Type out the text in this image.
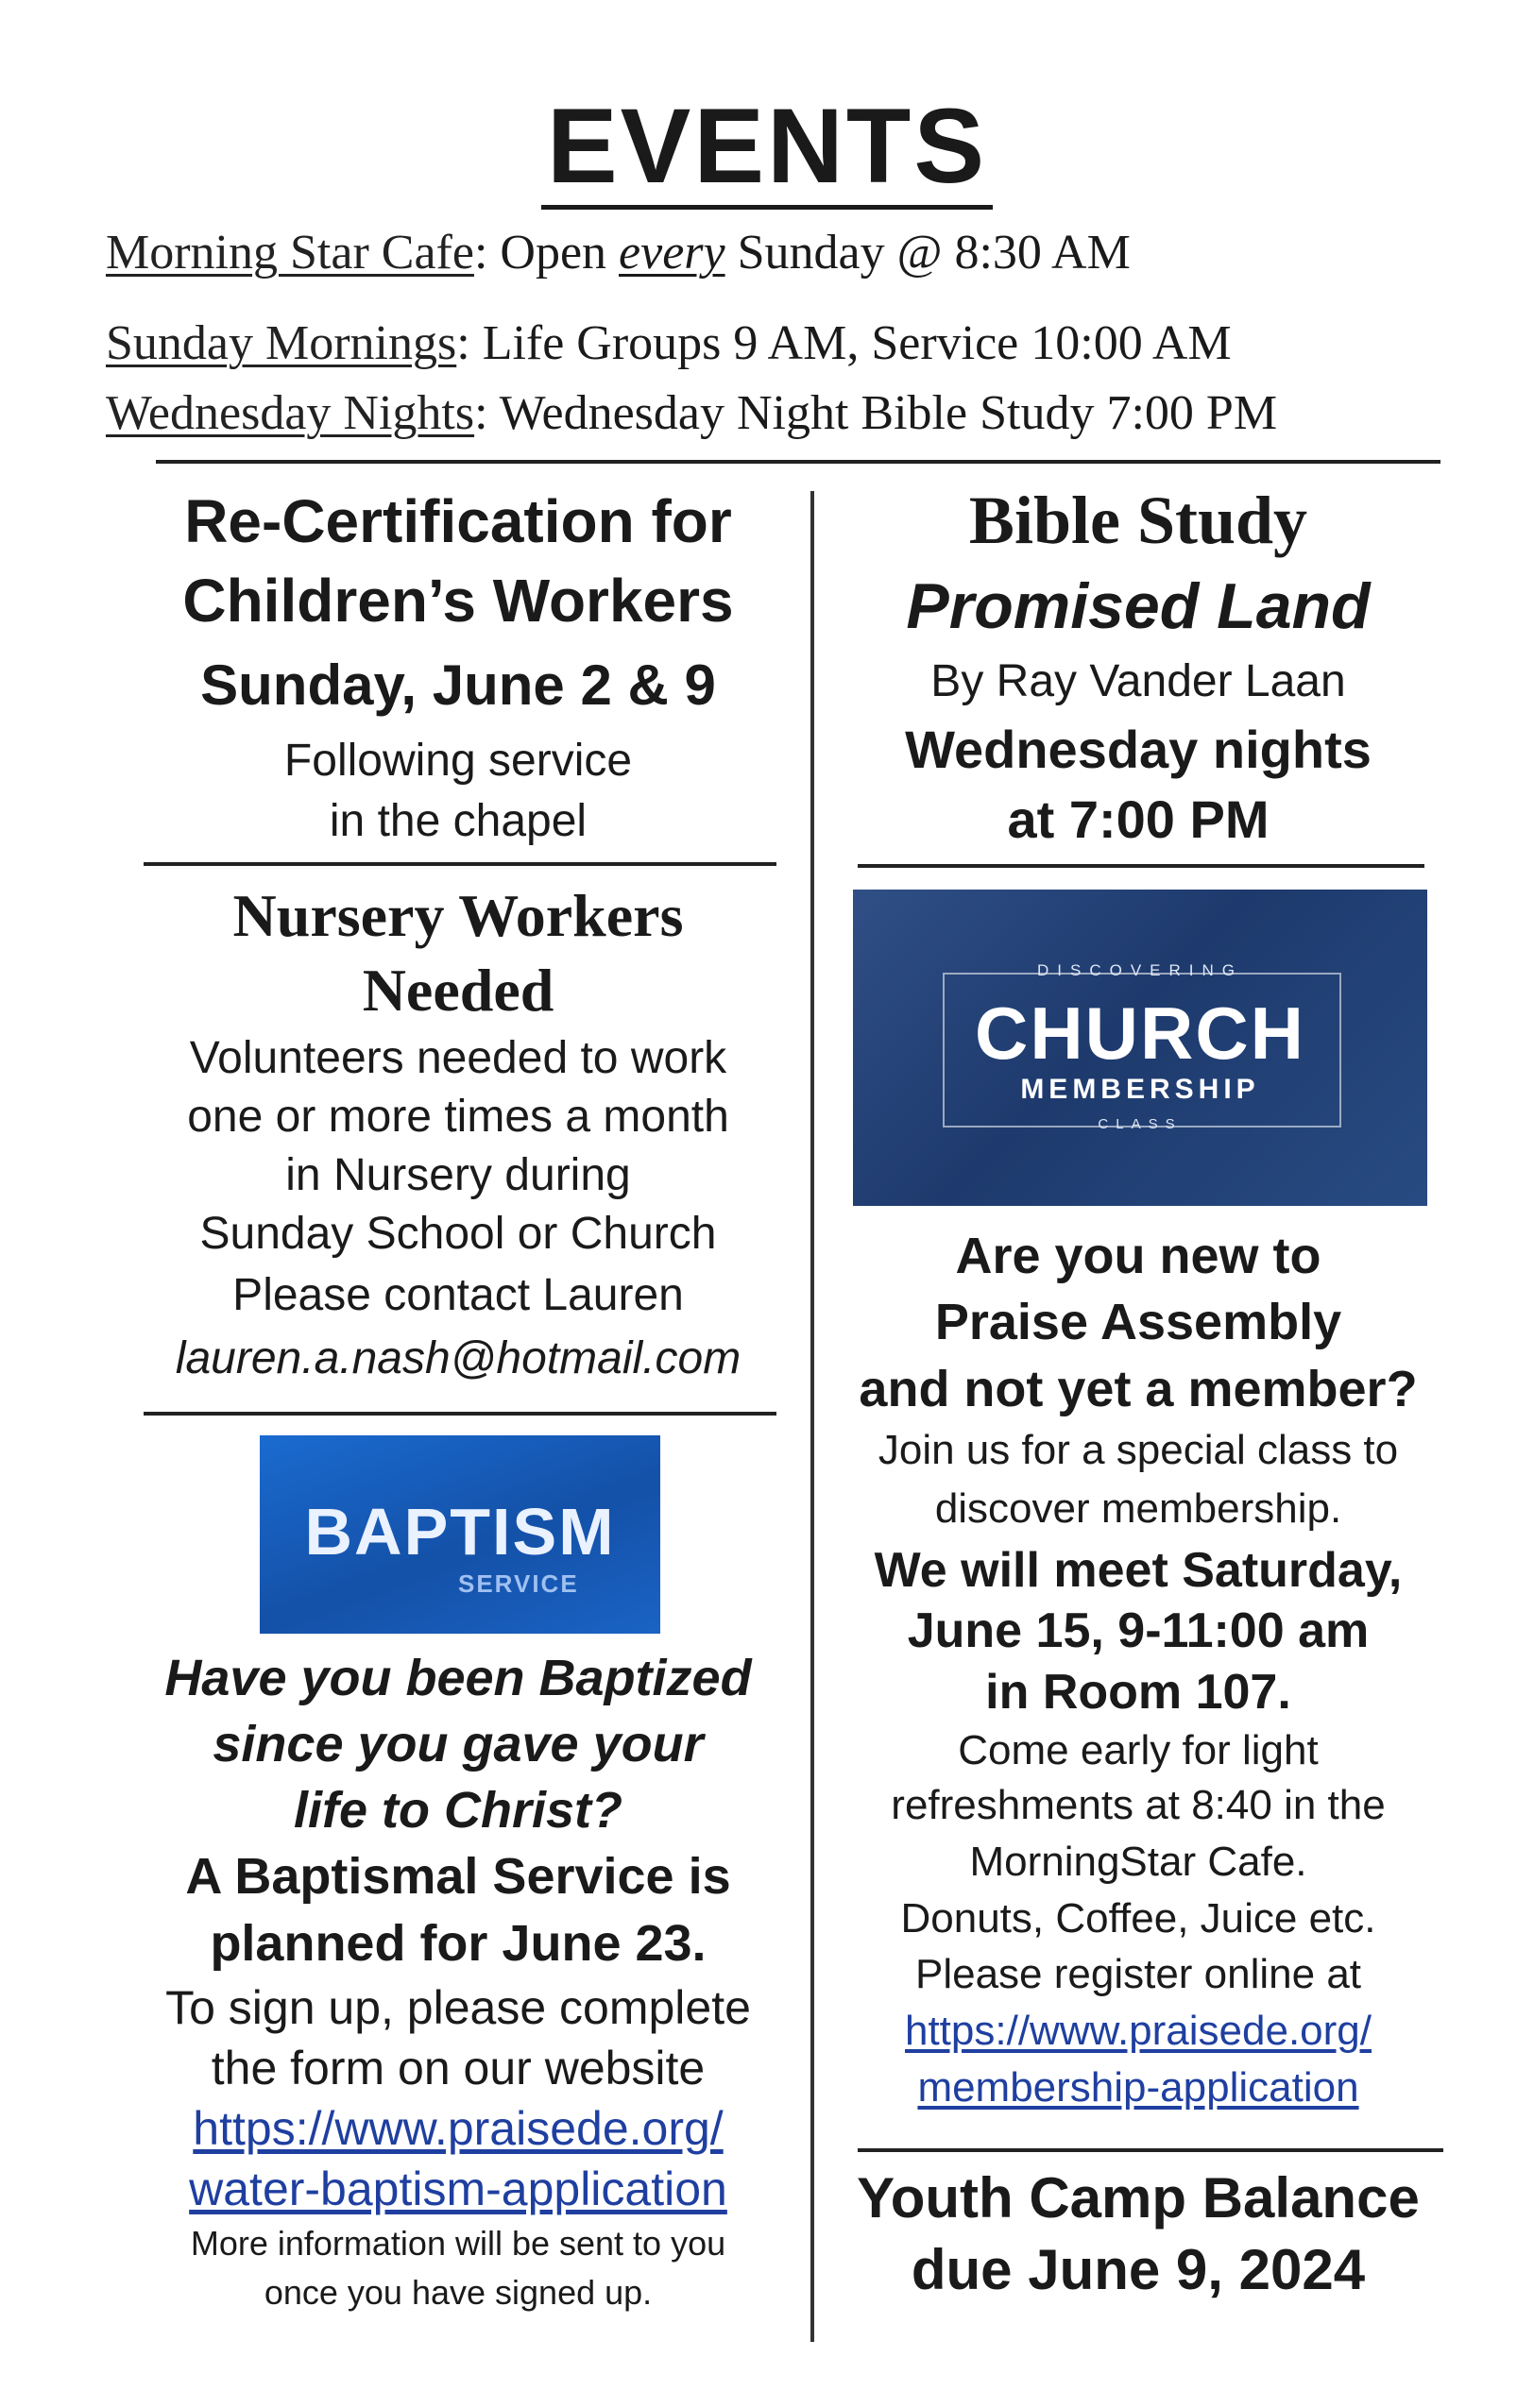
EVENTS
Morning Star Cafe: Open every Sunday @ 8:30 AM
Sunday Mornings: Life Groups 9 AM, Service 10:00 AM
Wednesday Nights: Wednesday Night Bible Study 7:00 PM
Re-Certification for
Children’s Workers
Sunday, June 2 & 9
Following service
in the chapel
Nursery Workers
Needed
Volunteers needed to work
one or more times a month
in Nursery during
Sunday School or Church
Please contact Lauren
lauren.a.nash@hotmail.com
BAPTISM
SERVICE
Have you been Baptized
since you gave your
life to Christ?
A Baptismal Service is
planned for June 23.
To sign up, please complete
the form on our website
https://www.praisede.org/
water-baptism-application
More information will be sent to you
once you have signed up.
Bible Study
Promised Land
By Ray Vander Laan
Wednesday nights
at 7:00 PM
DISCOVERING
CHURCH
MEMBERSHIP
CLASS
Are you new to
Praise Assembly
and not yet a member?
Join us for a special class to
discover membership.
We will meet Saturday,
June 15, 9-11:00 am
in Room 107.
Come early for light
refreshments at 8:40 in the
MorningStar Cafe.
Donuts, Coffee, Juice etc.
Please register online at
https://www.praisede.org/
membership-application
Youth Camp Balance
due June 9, 2024
